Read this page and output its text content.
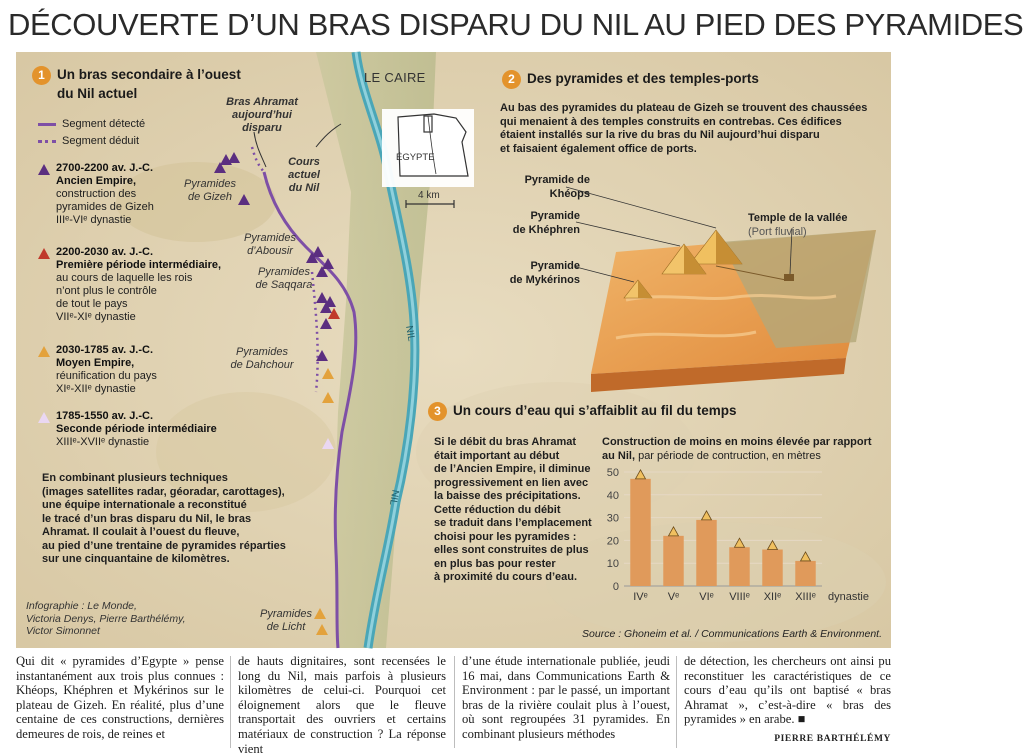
DÉCOUVERTE D’UN BRAS DISPARU DU NIL AU PIED DES PYRAMIDES
1 Un bras secondaire à l’ouest
du Nil actuel
Segment détecté
Segment déduit
2700-2200 av. J.-C.
Ancien Empire,
construction des
pyramides de Gizeh
IIIᵉ-VIᵉ dynastie
2200-2030 av. J.-C.
Première période intermédiaire,
au cours de laquelle les rois
n’ont plus le contrôle
de tout le pays
VIIᵉ-XIᵉ dynastie
2030-1785 av. J.-C.
Moyen Empire,
réunification du pays
XIᵉ-XIIᵉ dynastie
1785-1550 av. J.-C.
Seconde période intermédiaire
XIIIᵉ-XVIIᵉ dynastie
En combinant plusieurs techniques
(images satellites radar, géoradar, carottages),
une équipe internationale a reconstitué
le tracé d’un bras disparu du Nil, le bras
Ahramat. Il coulait à l’ouest du fleuve,
au pied d’une trentaine de pyramides réparties
sur une cinquantaine de kilomètres.
Infographie : Le Monde,
Victoria Denys, Pierre Barthélémy,
Victor Simonnet
LE CAIRE
Bras Ahramat
aujourd’hui disparu
Cours
actuel
du Nil
Pyramides
de Gizeh
Pyramides
d’Abousir
Pyramides
de Saqqara
Pyramides
de Dahchour
Pyramides
de Licht
NIL
NIL
ÉGYPTE
4 km
2 Des pyramides et des temples-ports
Au bas des pyramides du plateau de Gizeh se trouvent des chaussées
qui menaient à des temples construits en contrebas. Ces édifices
étaient installés sur la rive du bras du Nil aujourd’hui disparu
et faisaient également office de ports.
Pyramide de
Khéops
Pyramide
de Khéphren
Pyramide
de Mykérinos
Temple de la vallée
(Port fluvial)
3 Un cours d’eau qui s’affaiblit au fil du temps
Si le débit du bras Ahramat
était important au début
de l’Ancien Empire, il diminue
progressivement en lien avec
la baisse des précipitations.
Cette réduction du débit
se traduit dans l’emplacement
choisi pour les pyramides :
elles sont construites de plus
en plus bas pour rester
à proximité du cours d’eau.
Construction de moins en moins élevée par rapport
au Nil, par période de contruction, en mètres
0
10
20
30
40
50
IVᵉ Vᵉ VIᵉ VIIIᵉ XIIᵉ XIIIᵉ dynastie
Source : Ghoneim et al. / Communications Earth & Environment.
Qui dit « pyramides d’Egypte » pense instantanément aux trois plus connues : Khéops, Khéphren et Mykérinos sur le plateau de Gizeh. En réalité, plus d’une centaine de ces constructions, dernières demeures de rois, de reines et
de hauts dignitaires, sont recensées le long du Nil, mais parfois à plusieurs kilomètres de celui-ci. Pourquoi cet éloignement alors que le fleuve transportait des ouvriers et certains matériaux de construction ? La réponse vient
d’une étude internationale publiée, jeudi 16 mai, dans Communications Earth & Environment : par le passé, un important bras de la rivière coulait plus à l’ouest, où sont regroupées 31 pyramides. En combinant plusieurs méthodes
de détection, les chercheurs ont ainsi pu reconstituer les caractéristiques de ce cours d’eau qu’ils ont baptisé « bras Ahramat », c’est-à-dire « bras des pyramides » en arabe. ■
PIERRE BARTHÉLÉMY
